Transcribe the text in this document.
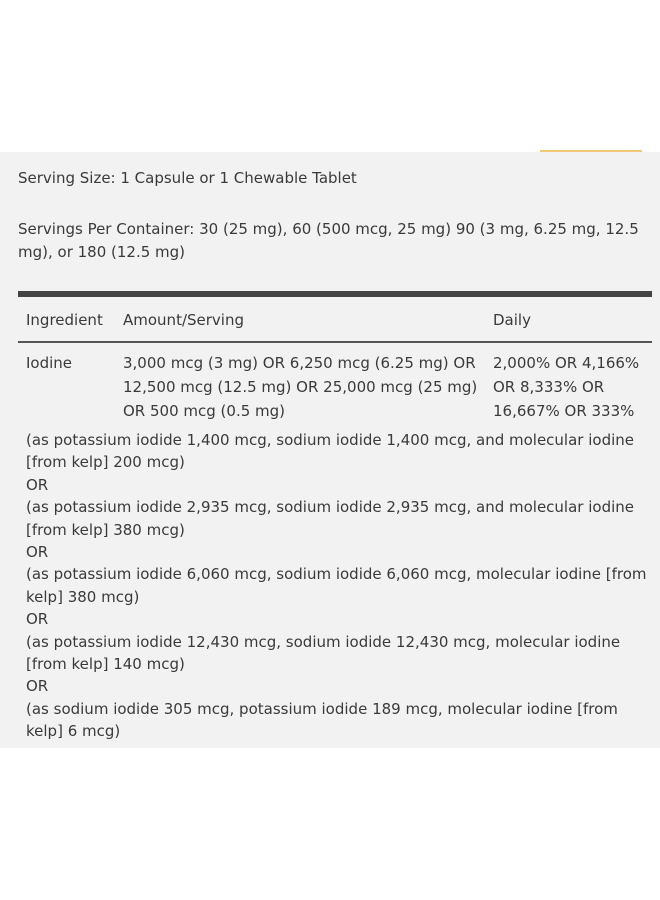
Serving Size: 1 Capsule or 1 Chewable Tablet
Servings Per Container: 30 (25 mg), 60 (500 mcg, 25 mg) 90 (3 mg, 6.25 mg, 12.5 mg), or 180 (12.5 mg)
Ingredient Amount/Serving	Daily
Iodine	3,000 mcg (3 mg) OR 6,250 mcg (6.25 mg) OR
12,500 mcg (12.5 mg) OR 25,000 mcg (25 mg)
OR 500 mcg (0.5 mg)
2,000% OR 4,166%
OR 8,333% OR
16,667% OR 333%
(as potassium iodide 1,400 mcg, sodium iodide 1,400 mcg, and molecular iodine
[from kelp] 200 mcg)
OR
(as potassium iodide 2,935 mcg, sodium iodide 2,935 mcg, and molecular iodine
[from kelp] 380 mcg)
OR
(as potassium iodide 6,060 mcg, sodium iodide 6,060 mcg, molecular iodine [from
kelp] 380 mcg)
OR
(as potassium iodide 12,430 mcg, sodium iodide 12,430 mcg, molecular iodine
[from kelp] 140 mcg)
OR
(as sodium iodide 305 mcg, potassium iodide 189 mcg, molecular iodine [from
kelp] 6 mcg)
